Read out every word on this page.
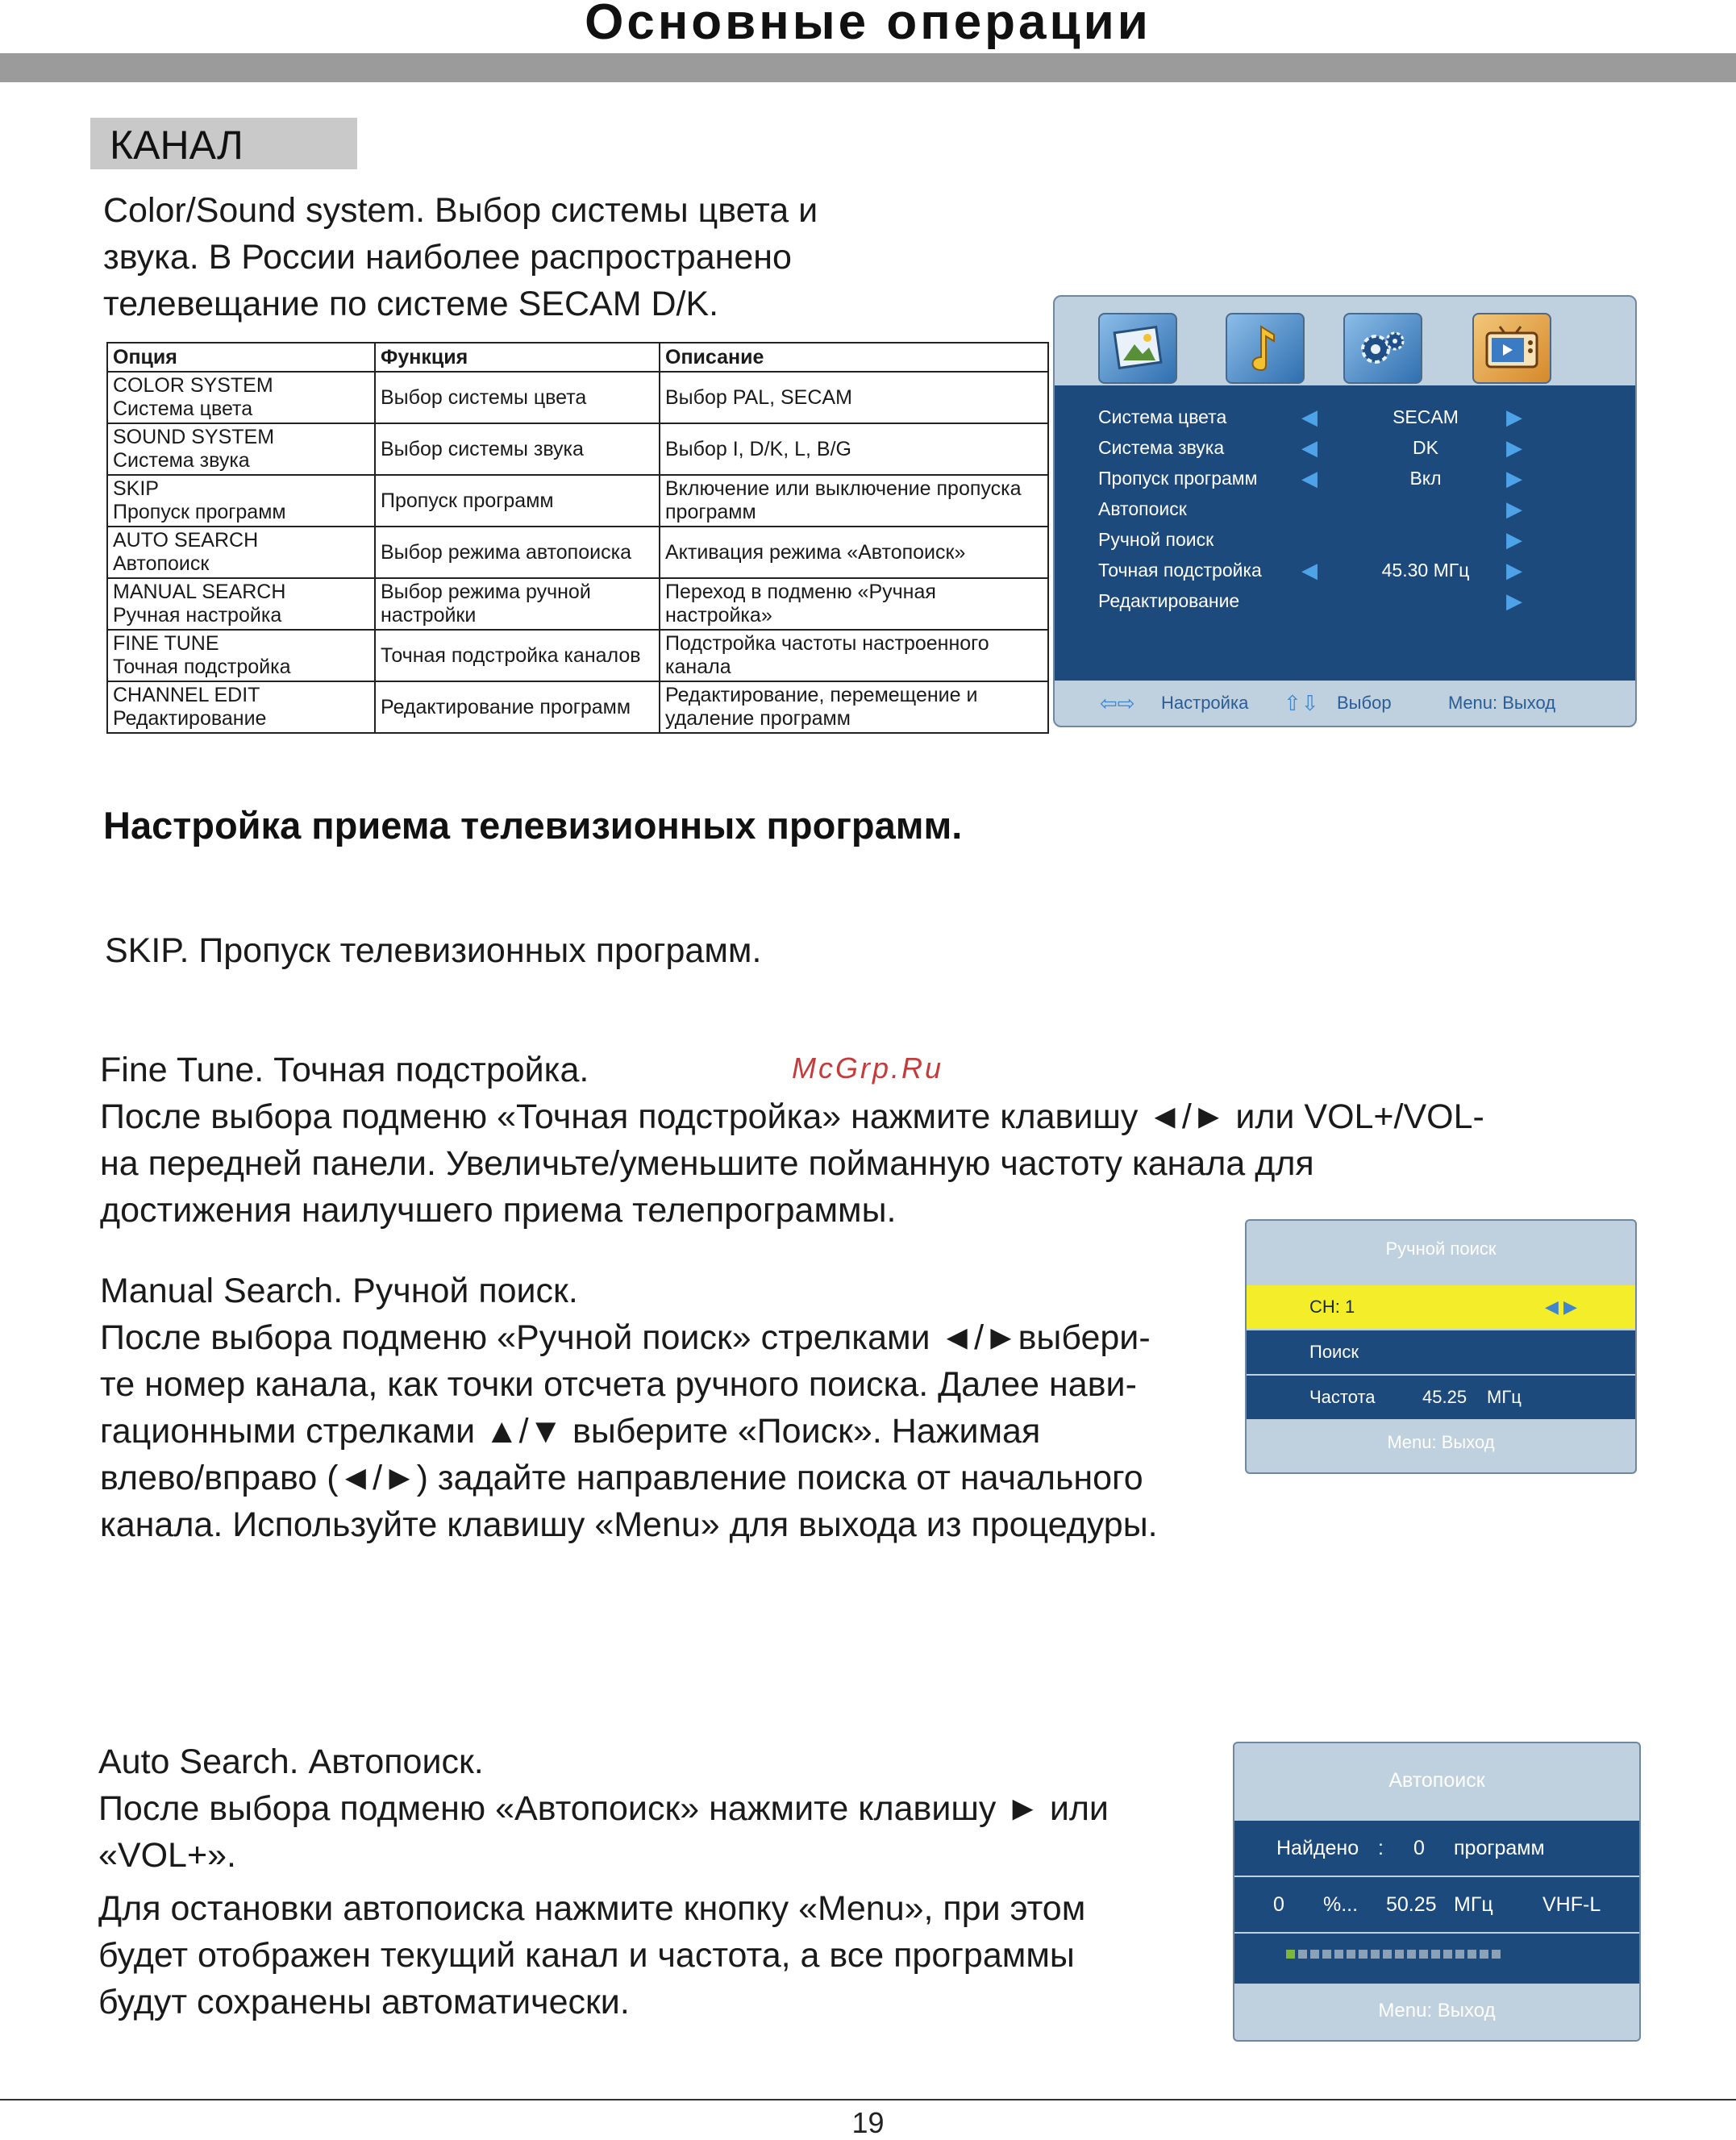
Основные операции
КАНАЛ
Color/Sound system. Выбор системы цвета и
звука. В России наиболее распространено
телевещание по системе SECAM D/K.
Опция	Функция	Описание

COLOR SYSTEM
Система цвета	Выбор системы цвета	Выбор PAL, SECAM

SOUND SYSTEM
Система звука	Выбор системы звука	Выбор I, D/K, L, B/G

SKIP
Пропуск программ	Пропуск программ	Включение или выключение пропуска программ

AUTO SEARCH
Автопоиск	Выбор режима автопоиска	Активация режима «Автопоиск»

MANUAL SEARCH
Ручная настройка	Выбор режима ручной настройки	Переход в подменю «Ручная настройка»

FINE TUNE
Точная подстройка	Точная подстройка каналов	Подстройка частоты настроенного канала

CHANNEL EDIT
Редактирование	Редактирование программ	Редактирование, перемещение и удаление программ
Система цвета	◀	SECAM	▶
Система звука	◀	DK	▶
Пропуск программ ◀	Вкл	▶
Автопоиск	▶
Ручной поиск	▶
Точная подстройка ◀	45.30 МГц	▶
Редактирование	▶
⇦⇨ Настройка ⇧⇩ Выбор	Menu: Выход
Настройка приема телевизионных программ.
SKIP. Пропуск телевизионных программ.
Fine Tune. Точная подстройка.
После выбора подменю «Точная подстройка» нажмите клавишу ◄/► или VOL+/VOL-
на передней панели. Увеличьте/уменьшите пойманную частоту канала для
достижения наилучшего приема телепрограммы.
McGrp.Ru
Manual Search. Ручной поиск.
После выбора подменю «Ручной поиск» стрелками ◄/►выбери-
те номер канала, как точки отсчета ручного поиска. Далее нави-
гационными стрелками ▲/▼ выберите «Поиск». Нажимая
влево/вправо (◄/►) задайте направление поиска от начального
канала. Используйте клавишу «Menu» для выхода из процедуры.
Ручной поиск
CH: 1	◀ ▶
Поиск
Частота	45.25 МГц
Menu: Выход
Auto Search. Автопоиск.
После выбора подменю «Автопоиск» нажмите клавишу ► или
«VOL+».
Для остановки автопоиска нажмите кнопку «Menu», при этом
будет отображен текущий канал и частота, а все программы
будут сохранены автоматически.
Автопоиск
Найдено : 0 программ
0 %... 50.25 МГц VHF-L
Menu: Выход
19
